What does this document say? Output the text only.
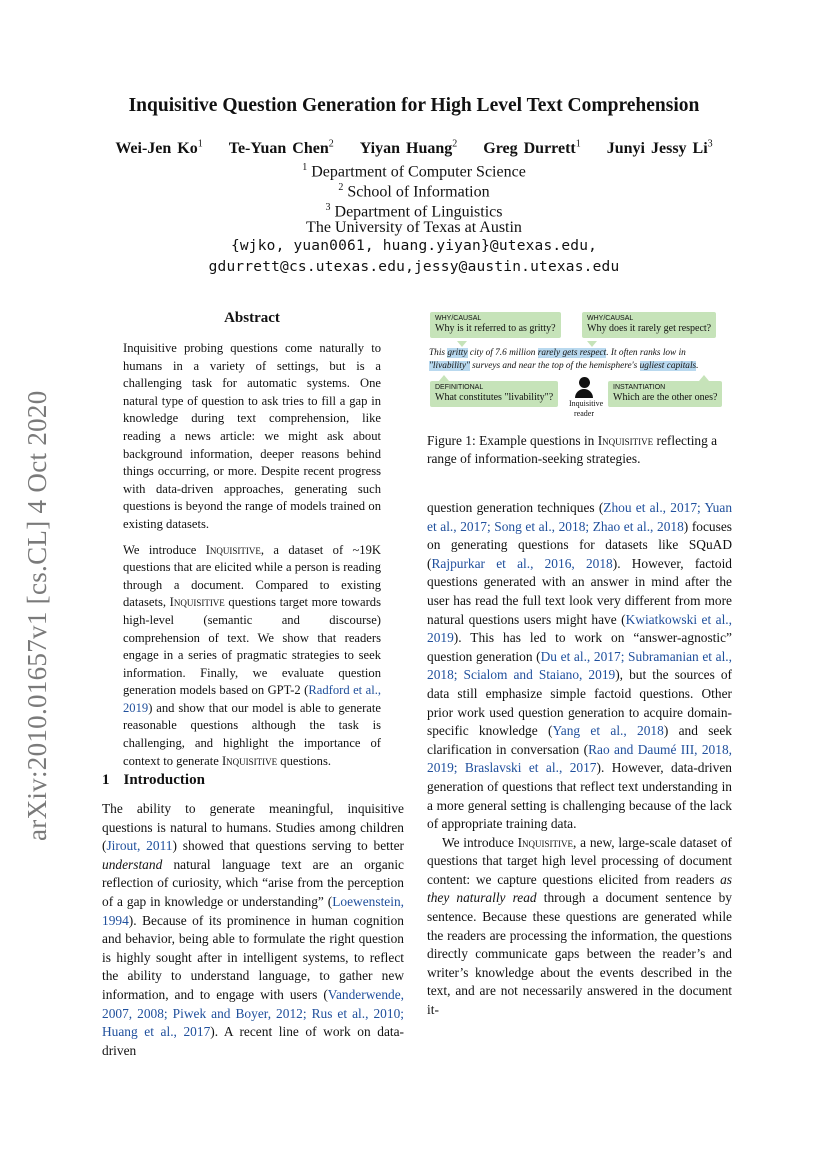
arXiv:2010.01657v1 [cs.CL] 4 Oct 2020
Inquisitive Question Generation for High Level Text Comprehension
Wei-Jen Ko$^1$ Te-Yuan Chen$^2$ Yiyan Huang$^2$ Greg Durrett$^1$ Junyi Jessy Li$^3$
$^1$ Department of Computer Science
$^2$ School of Information
$^3$ Department of Linguistics
The University of Texas at Austin
{wjko, yuan0061, huang.yiyan}@utexas.edu,
gdurrett@cs.utexas.edu,jessy@austin.utexas.edu
Abstract

Inquisitive probing questions come naturally to humans in a variety of settings, but is a challenging task for automatic systems. One natural type of question to ask tries to fill a gap in knowledge during text comprehension, like reading a news article: we might ask about background information, deeper reasons behind things occurring, or more. Despite recent progress with data-driven approaches, generating such questions is beyond the range of models trained on existing datasets.

We introduce Inquisitive, a dataset of ~19K questions that are elicited while a person is reading through a document. Compared to existing datasets, Inquisitive questions target more towards high-level (semantic and discourse) comprehension of text. We show that readers engage in a series of pragmatic strategies to seek information. Finally, we evaluate question generation models based on GPT-2 (Radford et al., 2019) and show that our model is able to generate reasonable questions although the task is challenging, and highlight the importance of context to generate Inquisitive questions.

1 Introduction

The ability to generate meaningful, inquisitive questions is natural to humans. Studies among children (Jirout, 2011) showed that questions serving to better understand natural language text are an organic reflection of curiosity, which “arise from the perception of a gap in knowledge or understanding” (Loewenstein, 1994). Because of its prominence in human cognition and behavior, being able to formulate the right question is highly sought after in intelligent systems, to reflect the ability to understand language, to gather new information, and to engage with users (Vanderwende, 2007, 2008; Piwek and Boyer, 2012; Rus et al., 2010; Huang et al., 2017). A recent line of work on data-driven

WHY/CAUSAL
Why is it referred to as gritty?
WHY/CAUSAL
Why does it rarely get respect?
This gritty city of 7.6 million rarely gets respect. It often ranks low in
"livability" surveys and near the top of the hemisphere's ugliest capitals.
DEFINITIONAL
What constitutes "livability"?
Inquisitive
reader
INSTANTIATION
Which are the other ones?
Figure 1: Example questions in Inquisitive reflecting a range of information-seeking strategies.

question generation techniques (Zhou et al., 2017; Yuan et al., 2017; Song et al., 2018; Zhao et al., 2018) focuses on generating questions for datasets like SQuAD (Rajpurkar et al., 2016, 2018). However, factoid questions generated with an answer in mind after the user has read the full text look very different from more natural questions users might have (Kwiatkowski et al., 2019). This has led to work on “answer-agnostic” question generation (Du et al., 2017; Subramanian et al., 2018; Scialom and Staiano, 2019), but the sources of data still emphasize simple factoid questions. Other prior work used question generation to acquire domain-specific knowledge (Yang et al., 2018) and seek clarification in conversation (Rao and Daumé III, 2018, 2019; Braslavski et al., 2017). However, data-driven generation of questions that reflect text understanding in a more general setting is challenging because of the lack of appropriate training data.

We introduce Inquisitive, a new, large-scale dataset of questions that target high level processing of document content: we capture questions elicited from readers as they naturally read through a document sentence by sentence. Because these questions are generated while the readers are processing the information, the questions directly communicate gaps between the reader’s and writer’s knowledge about the events described in the text, and are not necessarily answered in the document it-
